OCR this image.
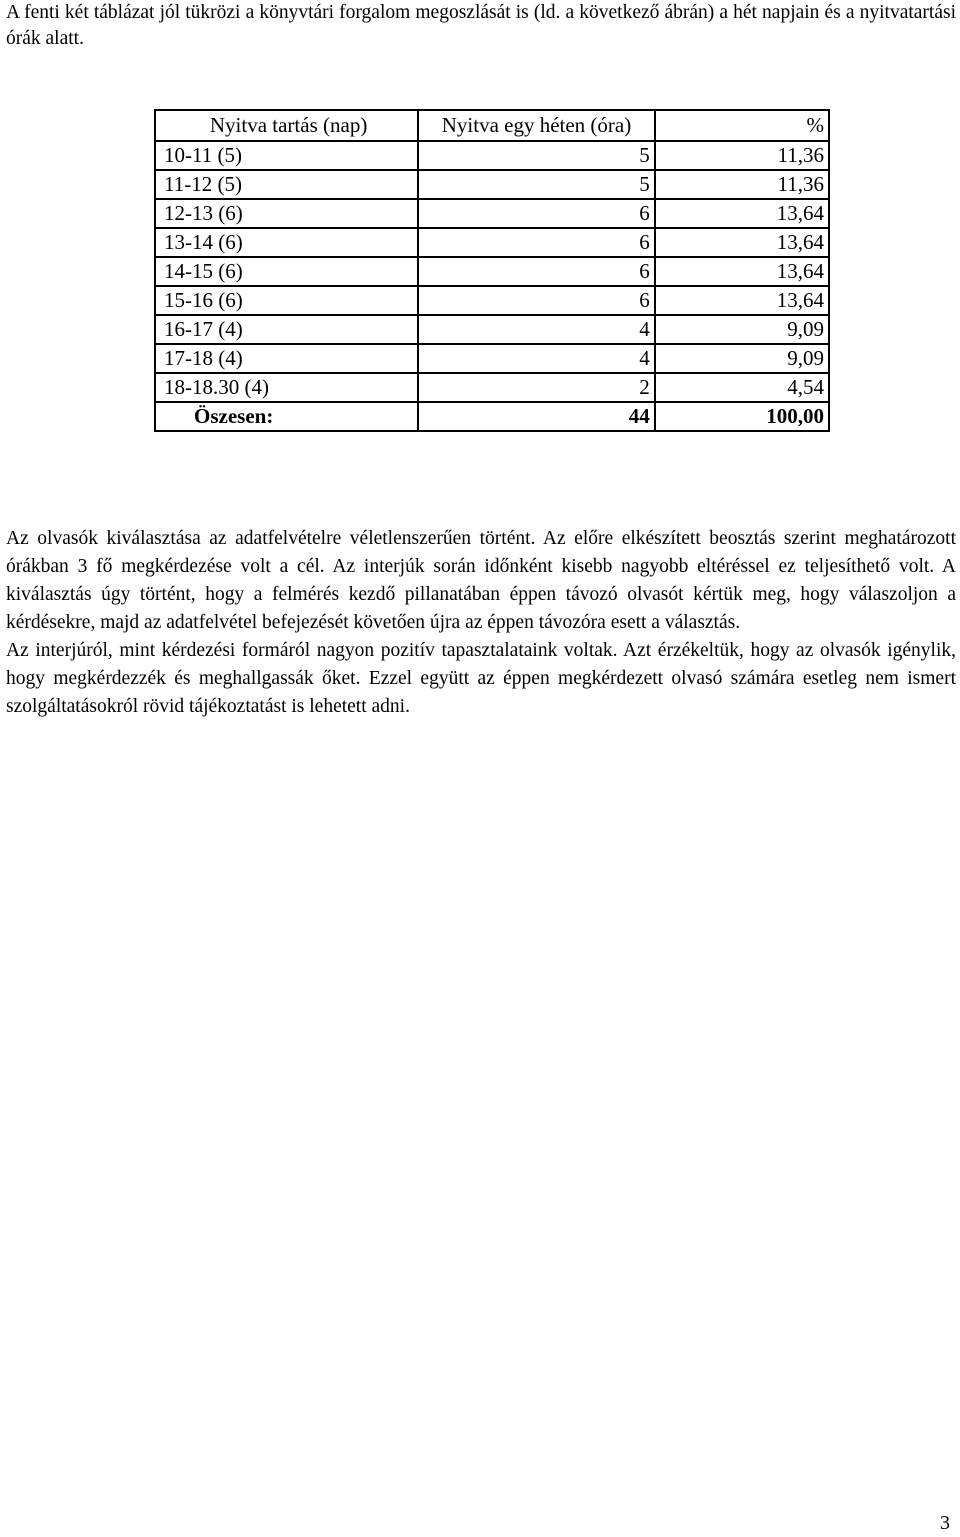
A fenti két táblázat jól tükrözi a könyvtári forgalom megoszlását is (ld. a következő ábrán) a hét napjain és a nyitvatartási órák alatt.

Nyitva tartás (nap)	Nyitva egy héten (óra)	%
10-11 (5)	5	11,36
11-12 (5)	5	11,36
12-13 (6)	6	13,64
13-14 (6)	6	13,64
14-15 (6)	6	13,64
15-16 (6)	6	13,64
16-17 (4)	4	9,09
17-18 (4)	4	9,09
18-18.30 (4)	2	4,54
Öszesen:	44	100,00

Az olvasók kiválasztása az adatfelvételre véletlenszerűen történt. Az előre elkészített beosztás szerint meghatározott órákban 3 fő megkérdezése volt a cél. Az interjúk során időnként kisebb nagyobb eltéréssel ez teljesíthető volt. A kiválasztás úgy történt, hogy a felmérés kezdő pillanatában éppen távozó olvasót kértük meg, hogy válaszoljon a kérdésekre, majd az adatfelvétel befejezését követően újra az éppen távozóra esett a választás.

Az interjúról, mint kérdezési formáról nagyon pozitív tapasztalataink voltak. Azt érzékeltük, hogy az olvasók igénylik, hogy megkérdezzék és meghallgassák őket. Ezzel együtt az éppen megkérdezett olvasó számára esetleg nem ismert szolgáltatásokról rövid tájékoztatást is lehetett adni.

3
